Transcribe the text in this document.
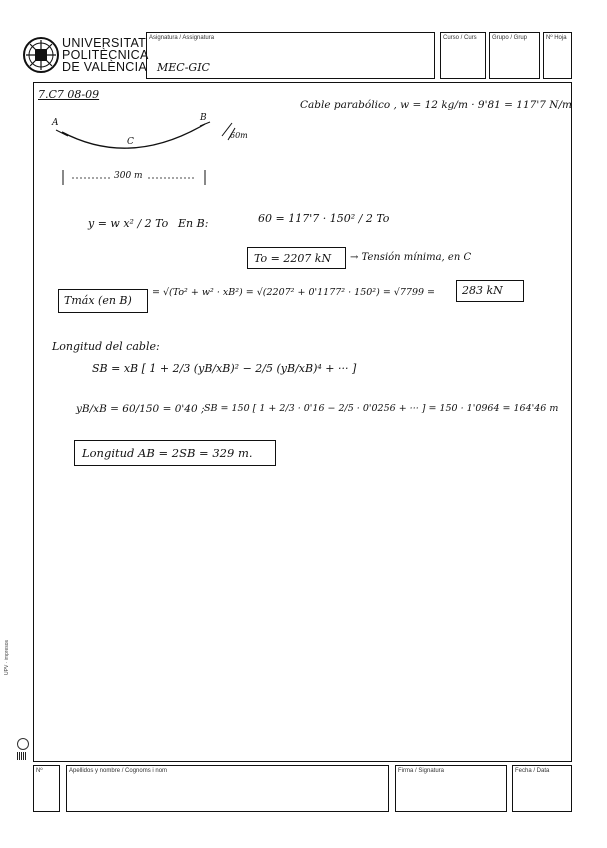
UNIVERSITAT
POLITÈCNICA
DE VALÈNCIA
Asignatura / Assignatura
MEC-GIC
Curso / Curs	Grupo / Grup	Nº Hoja
UPV · impresos
7.C7 08-09
Cable parabólico , w = 12 kg/m · 9'81 = 117'7 N/m
A	B
C
60m
300 m
y = w x² / 2 To En B:	60 = 117'7 · 150² / 2 To
To = 2207 kN → Tensión mínima, en C
Tmáx (en B)
= √(To² + w² · xB²) = √(2207² + 0'1177² · 150²) = √7799 = 283 kN
Longitud del cable:
SB = xB [ 1 + 2/3 (yB/xB)² − 2/5 (yB/xB)⁴ + ··· ]
yB/xB = 60/150 = 0'40 ; SB = 150 [ 1 + 2/3 · 0'16 − 2/5 · 0'0256 + ··· ] = 150 · 1'0964 = 164'46 m
Longitud AB = 2SB = 329 m.
Nº	Apellidos y nombre / Cognoms i nom	Firma / Signatura	Fecha / Data
